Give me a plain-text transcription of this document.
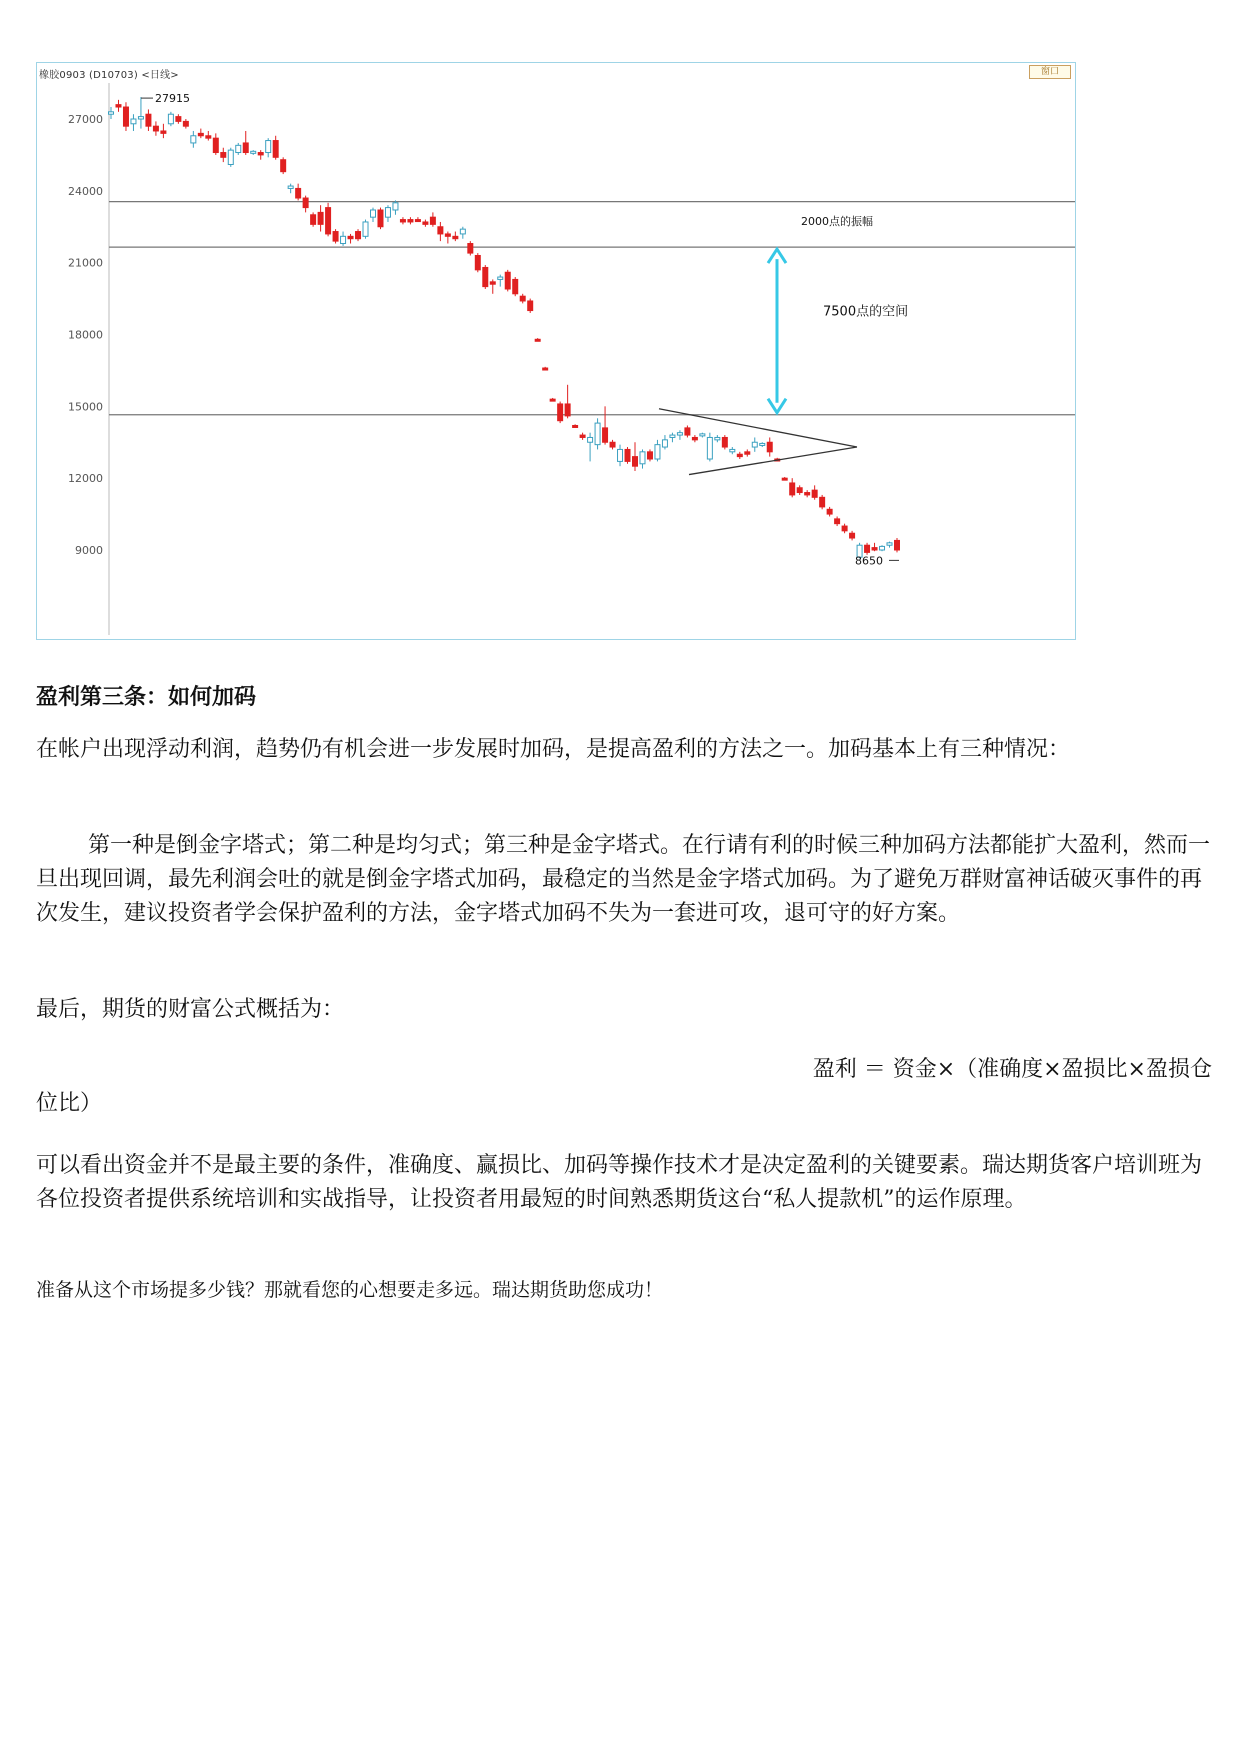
橡胶0903 (D10703) <日线>	窗口
27000
24000
21000
18000
15000
12000
9000
27915
8650
2000点的振幅
7500点的空间
盈利第三条：如何加码
在帐户出现浮动利润，趋势仍有机会进一步发展时加码，是提高盈利的方法之一。加码基本上有三种情况：
第一种是倒金字塔式；第二种是均匀式；第三种是金字塔式。在行请有利的时候三种加码方法都能扩大盈利，然而一旦出现回调，最先利润会吐的就是倒金字塔式加码，最稳定的当然是金字塔式加码。为了避免万群财富神话破灭事件的再次发生，建议投资者学会保护盈利的方法，金字塔式加码不失为一套进可攻，退可守的好方案。
最后，期货的财富公式概括为：
盈利 ＝ 资金×（准确度×盈损比×盈损仓
位比）
可以看出资金并不是最主要的条件，准确度、赢损比、加码等操作技术才是决定盈利的关键要素。瑞达期货客户培训班为各位投资者提供系统培训和实战指导，让投资者用最短的时间熟悉期货这台“私人提款机”的运作原理。
准备从这个市场提多少钱？那就看您的心想要走多远。瑞达期货助您成功！
